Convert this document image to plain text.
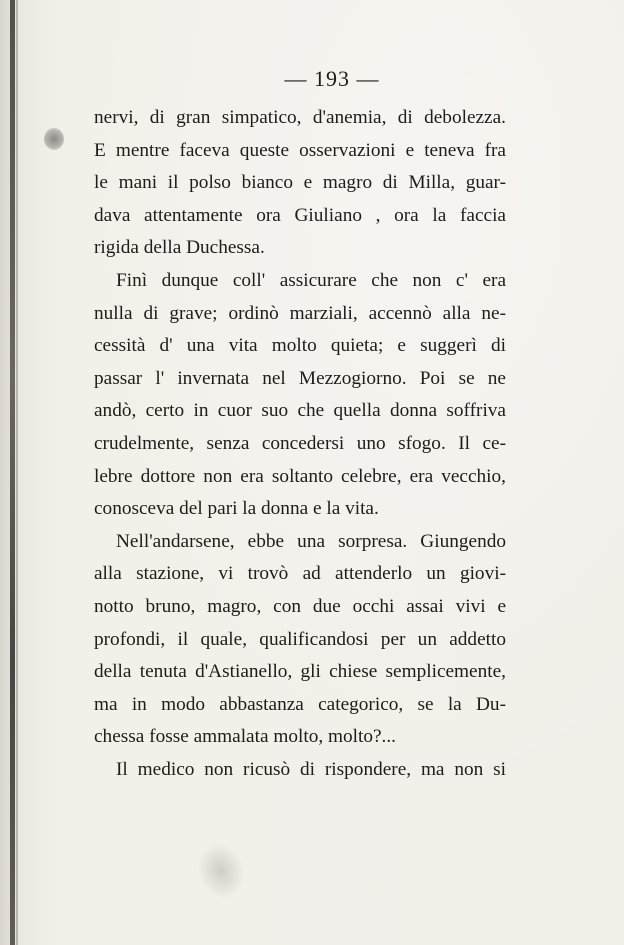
— 193 —
nervi, di gran simpatico, d'anemia, di debolezza.
E mentre faceva queste osservazioni e teneva fra
le mani il polso bianco e magro di Milla, guar-
dava attentamente ora Giuliano , ora la faccia
rigida della Duchessa.
Finì dunque coll' assicurare che non c' era
nulla di grave; ordinò marziali, accennò alla ne-
cessità d' una vita molto quieta; e suggerì di
passar l' invernata nel Mezzogiorno. Poi se ne
andò, certo in cuor suo che quella donna soffriva
crudelmente, senza concedersi uno sfogo. Il ce-
lebre dottore non era soltanto celebre, era vecchio,
conosceva del pari la donna e la vita.
Nell'andarsene, ebbe una sorpresa. Giungendo
alla stazione, vi trovò ad attenderlo un giovi-
notto bruno, magro, con due occhi assai vivi e
profondi, il quale, qualificandosi per un addetto
della tenuta d'Astianello, gli chiese semplicemente,
ma in modo abbastanza categorico, se la Du-
chessa fosse ammalata molto, molto?...
Il medico non ricusò di rispondere, ma non si
